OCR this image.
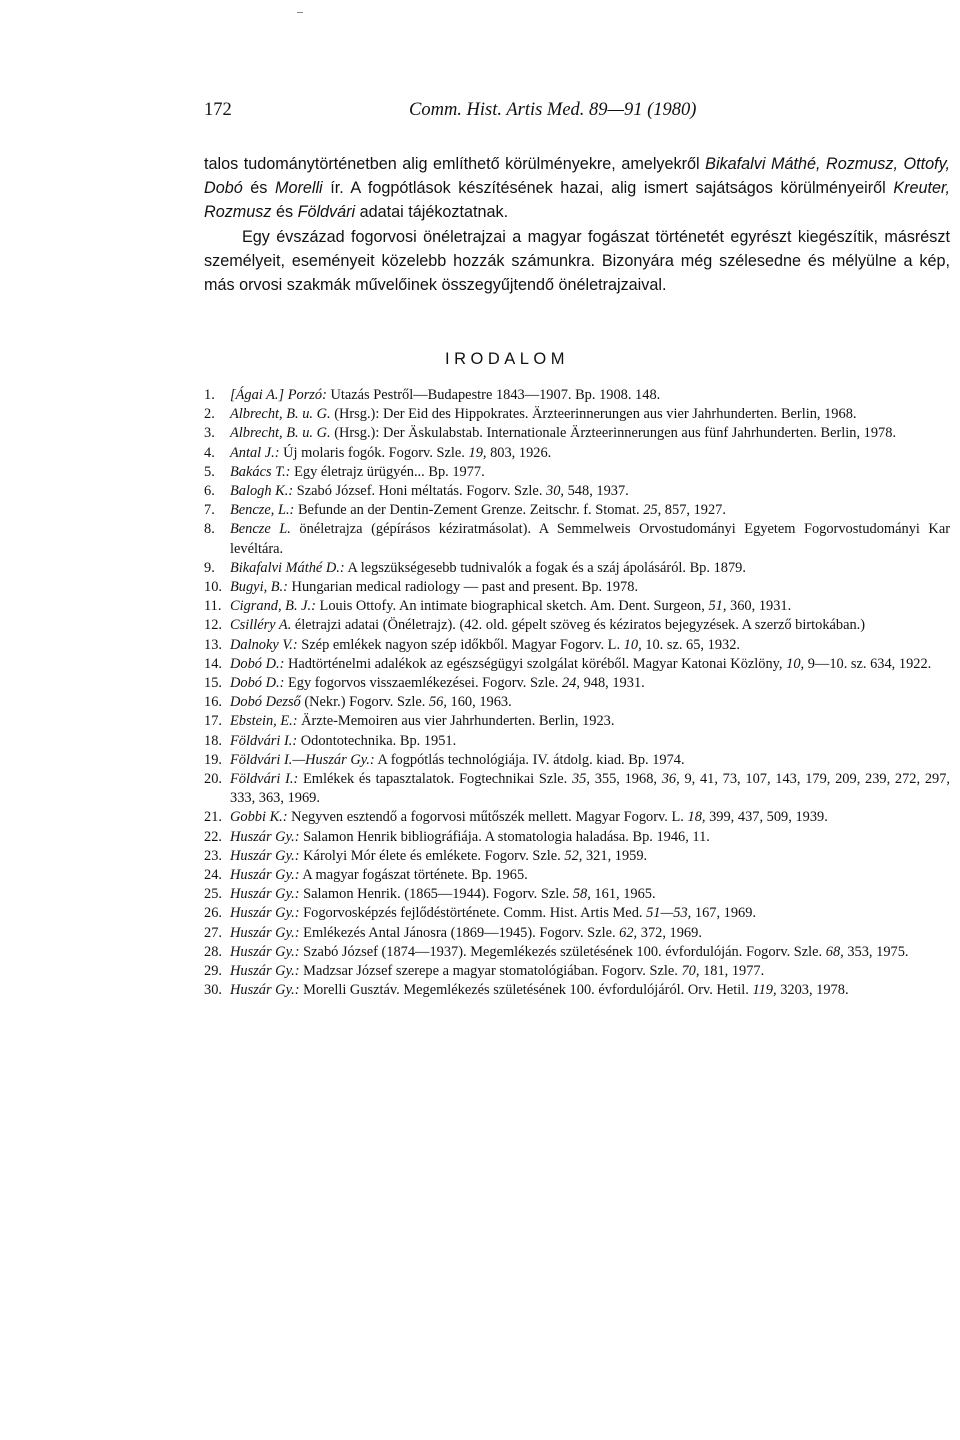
172	Comm. Hist. Artis Med. 89—91 (1980)

talos tudománytörténetben alig említhető körülményekre, amelyekről Bikafalvi Máthé, Rozmusz, Ottofy, Dobó és Morelli ír. A fogpótlások készítésének hazai, alig ismert sajátságos körülményeiről Kreuter, Rozmusz és Földvári adatai tájékoztatnak.

Egy évszázad fogorvosi önéletrajzai a magyar fogászat történetét egyrészt kiegészítik, másrészt személyeit, eseményeit közelebb hozzák számunkra. Bizonyára még szélesedne és mélyülne a kép, más orvosi szakmák művelőinek összegyűjtendő önéletrajzaival.

IRODALOM
1. [Ágai A.] Porzó: Utazás Pestről—Budapestre 1843—1907. Bp. 1908. 148.
2. Albrecht, B. u. G. (Hrsg.): Der Eid des Hippokrates. Ärzteerinnerungen aus vier Jahrhunderten. Berlin, 1968.
3. Albrecht, B. u. G. (Hrsg.): Der Äskulabstab. Internationale Ärzteerinnerungen aus fünf Jahrhunderten. Berlin, 1978.
4. Antal J.: Új molaris fogók. Fogorv. Szle. 19, 803, 1926.
5. Bakács T.: Egy életrajz ürügyén... Bp. 1977.
6. Balogh K.: Szabó József. Honi méltatás. Fogorv. Szle. 30, 548, 1937.
7. Bencze, L.: Befunde an der Dentin-Zement Grenze. Zeitschr. f. Stomat. 25, 857, 1927.
8. Bencze L. önéletrajza (gépírásos kéziratmásolat). A Semmelweis Orvostudományi Egyetem Fogorvostudományi Kar levéltára.
9. Bikafalvi Máthé D.: A legszükségesebb tudnivalók a fogak és a száj ápolásáról. Bp. 1879.
10. Bugyi, B.: Hungarian medical radiology — past and present. Bp. 1978.
11. Cigrand, B. J.: Louis Ottofy. An intimate biographical sketch. Am. Dent. Surgeon, 51, 360, 1931.
12. Csilléry A. életrajzi adatai (Önéletrajz). (42. old. gépelt szöveg és kéziratos bejegyzések. A szerző birtokában.)
13. Dalnoky V.: Szép emlékek nagyon szép időkből. Magyar Fogorv. L. 10, 10. sz. 65, 1932.
14. Dobó D.: Hadtörténelmi adalékok az egészségügyi szolgálat köréből. Magyar Katonai Közlöny, 10, 9—10. sz. 634, 1922.
15. Dobó D.: Egy fogorvos visszaemlékezései. Fogorv. Szle. 24, 948, 1931.
16. Dobó Dezső (Nekr.) Fogorv. Szle. 56, 160, 1963.
17. Ebstein, E.: Ärzte-Memoiren aus vier Jahrhunderten. Berlin, 1923.
18. Földvári I.: Odontotechnika. Bp. 1951.
19. Földvári I.—Huszár Gy.: A fogpótlás technológiája. IV. átdolg. kiad. Bp. 1974.
20. Földvári I.: Emlékek és tapasztalatok. Fogtechnikai Szle. 35, 355, 1968, 36, 9, 41, 73, 107, 143, 179, 209, 239, 272, 297, 333, 363, 1969.
21. Gobbi K.: Negyven esztendő a fogorvosi műtőszék mellett. Magyar Fogorv. L. 18, 399, 437, 509, 1939.
22. Huszár Gy.: Salamon Henrik bibliográfiája. A stomatologia haladása. Bp. 1946, 11.
23. Huszár Gy.: Károlyi Mór élete és emlékete. Fogorv. Szle. 52, 321, 1959.
24. Huszár Gy.: A magyar fogászat története. Bp. 1965.
25. Huszár Gy.: Salamon Henrik. (1865—1944). Fogorv. Szle. 58, 161, 1965.
26. Huszár Gy.: Fogorvosképzés fejlődéstörténete. Comm. Hist. Artis Med. 51—53, 167, 1969.
27. Huszár Gy.: Emlékezés Antal Jánosra (1869—1945). Fogorv. Szle. 62, 372, 1969.
28. Huszár Gy.: Szabó József (1874—1937). Megemlékezés születésének 100. évfordulóján. Fogorv. Szle. 68, 353, 1975.
29. Huszár Gy.: Madzsar József szerepe a magyar stomatológiában. Fogorv. Szle. 70, 181, 1977.
30. Huszár Gy.: Morelli Gusztáv. Megemlékezés születésének 100. évfordulójáról. Orv. Hetil. 119, 3203, 1978.
